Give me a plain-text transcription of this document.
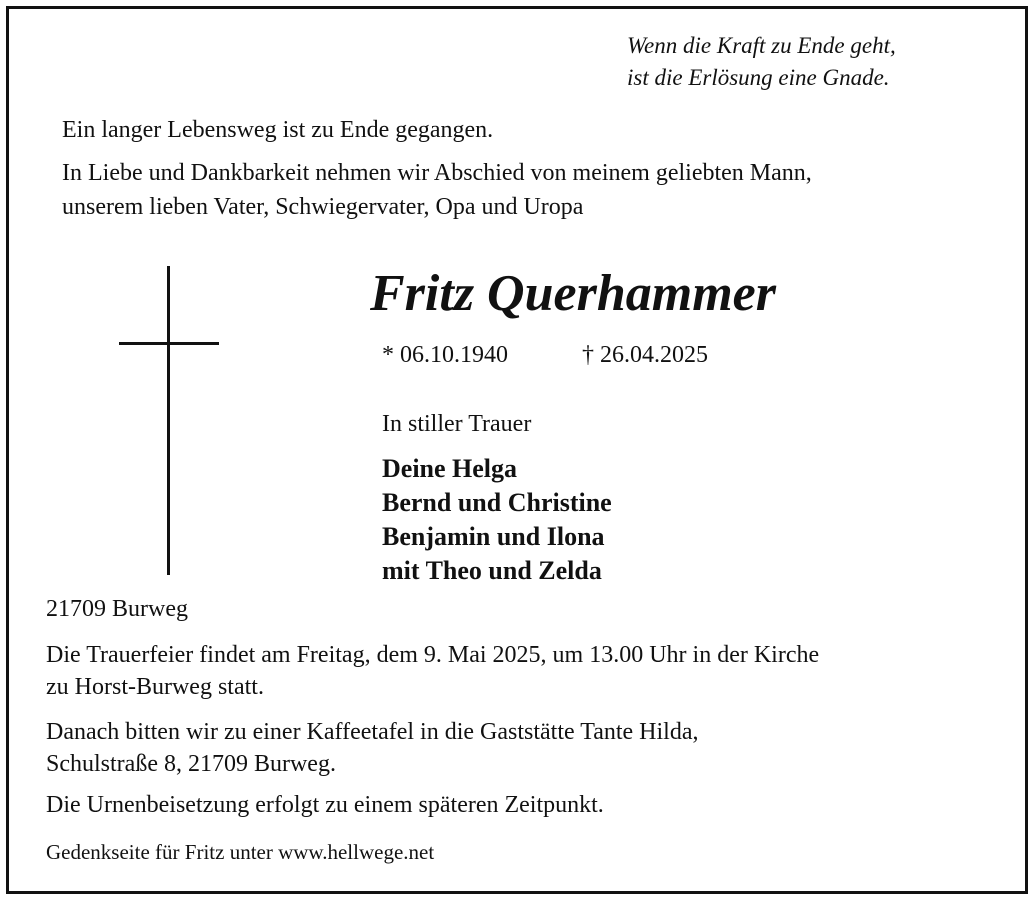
Wenn die Kraft zu Ende geht,
ist die Erlösung eine Gnade.
Ein langer Lebensweg ist zu Ende gegangen.
In Liebe und Dankbarkeit nehmen wir Abschied von meinem geliebten Mann,
unserem lieben Vater, Schwiegervater, Opa und Uropa
Fritz Querhammer
* 06.10.1940	† 26.04.2025
In stiller Trauer
Deine Helga
Bernd und Christine
Benjamin und Ilona
mit Theo und Zelda
21709 Burweg
Die Trauerfeier findet am Freitag, dem 9. Mai 2025, um 13.00 Uhr in der Kirche
zu Horst-Burweg statt.
Danach bitten wir zu einer Kaffeetafel in die Gaststätte Tante Hilda,
Schulstraße 8, 21709 Burweg.
Die Urnenbeisetzung erfolgt zu einem späteren Zeitpunkt.
Gedenkseite für Fritz unter www.hellwege.net
